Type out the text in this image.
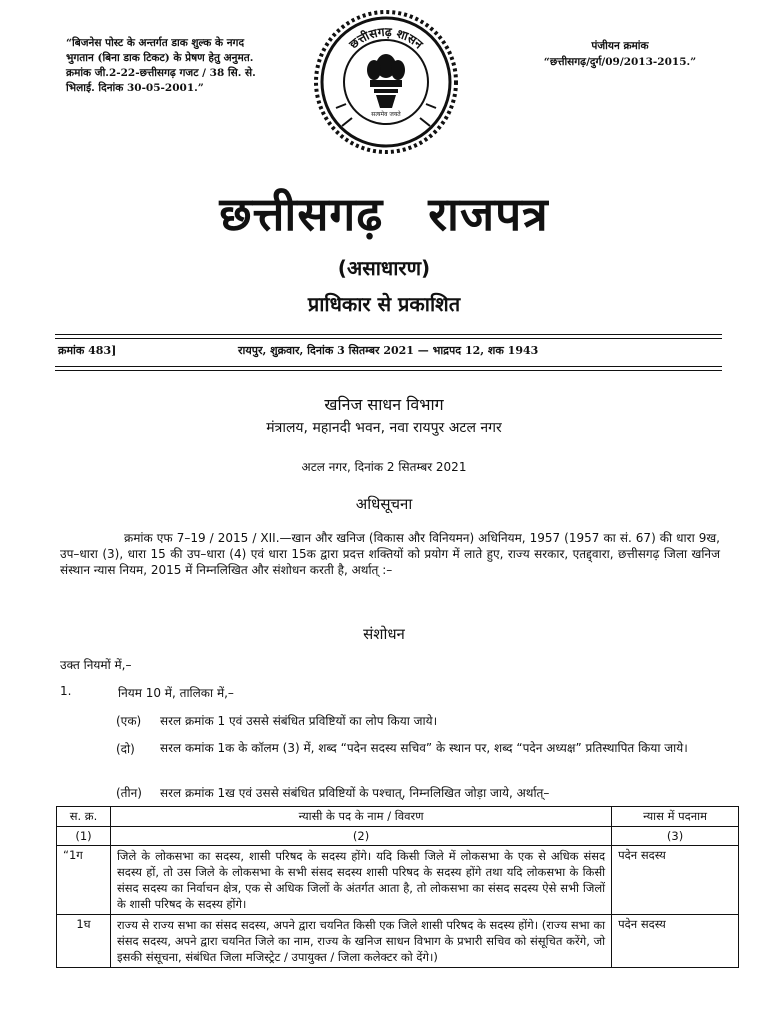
“बिजनेस पोस्ट के अन्तर्गत डाक शुल्क के नगद भुगतान (बिना डाक टिकट) के प्रेषण हेतु अनुमत. क्रमांक जी.2-22-छत्तीसगढ़ गजट / 38 सि. से. भिलाई. दिनांक 30-05-2001.”
पंजीयन क्रमांक
“छत्तीसगढ़/दुर्ग/09/2013-2015.”
छत्तीसगढ़ शासन
सत्यमेव जयते
छत्तीसगढ़ राजपत्र
(असाधारण)
प्राधिकार से प्रकाशित
क्रमांक 483]	रायपुर, शुक्रवार, दिनांक 3 सितम्बर 2021 — भाद्रपद 12, शक 1943
खनिज साधन विभाग
मंत्रालय, महानदी भवन, नवा रायपुर अटल नगर
अटल नगर, दिनांक 2 सितम्बर 2021
अधिसूचना
क्रमांक एफ 7–19 / 2015 / XII.—खान और खनिज (विकास और विनियमन) अधिनियम, 1957 (1957 का सं. 67) की धारा 9ख, उप–धारा (3), धारा 15 की उप–धारा (4) एवं धारा 15क द्वारा प्रदत्त शक्तियों को प्रयोग में लाते हुए, राज्य सरकार, एतद्द्वारा, छत्तीसगढ़ जिला खनिज संस्थान न्यास नियम, 2015 में निम्नलिखित और संशोधन करती है, अर्थात् :–
संशोधन
उक्त नियमों में,–
1.	नियम 10 में, तालिका में,–
(एक) सरल क्रमांक 1 एवं उससे संबंधित प्रविष्टियों का लोप किया जाये।
(दो) सरल कमांक 1क के कॉलम (3) में, शब्द “पदेन सदस्य सचिव” के स्थान पर, शब्द “पदेन अध्यक्ष” प्रतिस्थापित किया जाये।
(तीन) सरल क्रमांक 1ख एवं उससे संबंधित प्रविष्टियों के पश्चात्, निम्नलिखित जोड़ा जाये, अर्थात्–
स. क्र.	न्यासी के पद के नाम / विवरण	न्यास में पदनाम
(1)	(2)	(3)
“1ग	जिले के लोकसभा का सदस्य, शासी परिषद के सदस्य होंगे। यदि किसी जिले में लोकसभा के एक से अधिक संसद सदस्य हों, तो उस जिले के लोकसभा के सभी संसद सदस्य शासी परिषद के सदस्य होंगे तथा यदि लोकसभा के किसी संसद सदस्य का निर्वाचन क्षेत्र, एक से अधिक जिलों के अंतर्गत आता है, तो लोकसभा का संसद सदस्य ऐसे सभी जिलों के शासी परिषद के सदस्य होंगे।	पदेन सदस्य
1घ	राज्य से राज्य सभा का संसद सदस्य, अपने द्वारा चयनित किसी एक जिले शासी परिषद के सदस्य होंगे। (राज्य सभा का संसद सदस्य, अपने द्वारा चयनित जिले का नाम, राज्य के खनिज साधन विभाग के प्रभारी सचिव को संसूचित करेंगे, जो इसकी संसूचना, संबंधित जिला मजिस्ट्रेट / उपायुक्त / जिला कलेक्टर को देंगे।)	पदेन सदस्य
